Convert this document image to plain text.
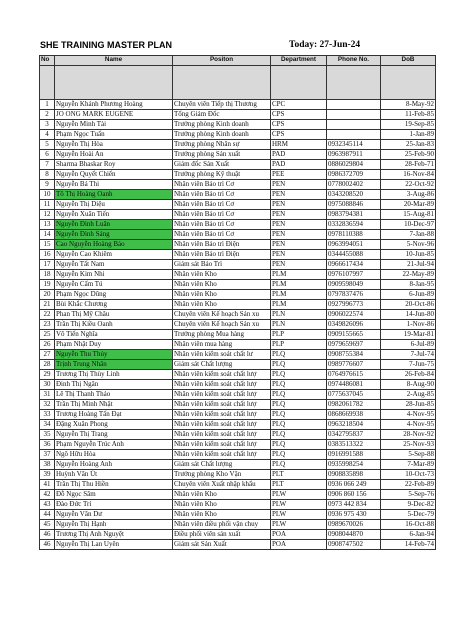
SHE TRAINING MASTER PLAN	Today: 27-Jun-24
No	Name	Positon	Department	Phone No.	DoB

1	Nguyễn Khánh Phương Hoàng	Chuyên viên Tiếp thị Thương	CPC		8-May-92
2	JO ONG MARK EUGENE	Tổng Giám Đốc	CPS		11-Feb-85
3	Nguyễn Minh Tài	Trưởng phòng Kinh doanh	CPS		19-Sep-85
4	Phạm Ngọc Tuấn	Trưởng phòng Kinh doanh	CPS		1-Jan-89
5	Nguyễn Thị Hòa	Trưởng phòng Nhân sự	HRM	0932345114	25-Jan-83
6	Nguyễn Hoài An	Trưởng phòng Sản xuất	PAD	0963987911	25-Feb-90
7	Sharma Bhaskar Roy	Giám đốc Sản Xuất	PAD	0886029804	28-Feb-71
8	Nguyễn Quyết Chiến	Trưởng phòng Kỹ thuật	PEE	0986372709	16-Nov-84
9	Nguyễn Bá Thi	Nhân viên Bảo trì Cơ	PEN	0778002402	22-Oct-92
10	Tô Thị Hoàng Oanh	Nhân viên Bảo trì Cơ	PEN	0343208520	3-Aug-86
11	Nguyễn Thị Diệu	Nhân viên Bảo trì Cơ	PEN	0975088846	20-Mar-89
12	Nguyễn Xuân Tiến	Nhân viên Bảo trì Cơ	PEN	0983794381	15-Aug-81
13	Nguyễn Đình Luân	Nhân viên Bảo trì Cơ	PEN	0332836594	10-Dec-97
14	Nguyễn Đình Sáng	Nhân viên Bảo trì Cơ	PEN	0978110388	7-Jan-88
15	Cao Nguyễn Hoàng Bảo	Nhân viên Bảo trì Điện	PEN	0963994051	5-Nov-96
16	Nguyễn Cao Khiêm	Nhân viên Bảo trì Điện	PEN	0344455088	10-Jun-85
17	Nguyễn Tất Nam	Giám sát Bảo Trì	PEN	0966617434	21-Jul-94
18	Nguyễn Kim Nhi	Nhân viên Kho	PLM	0976107997	22-May-89
19	Nguyễn Cẩm Tú	Nhân viên Kho	PLM	0909598049	8-Jan-95
20	Phạm Ngọc Dũng	Nhân viên Kho	PLM	0797837476	6-Jun-89
21	Bùi Khắc Chương	Nhân viên Kho	PLM	0927996773	20-Oct-86
22	Phan Thị Mỹ Châu	Chuyên viên Kế hoạch Sản xu	PLN	0906022574	14-Jun-80
23	Trần Thị Kiều Oanh	Chuyên viên Kế hoạch Sản xu	PLN	0349826096	1-Nov-86
25	Võ Tiến Nghĩa	Trưởng phòng Mua hàng	PLP	0909155665	19-Mar-81
26	Phạm Nhật Duy	Nhân viên mua hàng	PLP	0979659697	6-Jul-89
27	Nguyễn Thu Thủy	Nhân viên kiểm soát chất lư	PLQ	0908755384	7-Jul-74
28	Trịnh Trung Nhân	Giám sát Chất lượng	PLQ	0989776607	7-Jun-75
29	Trương Thị Thùy Linh	Nhân viên kiểm soát chất lượ	PLQ	0764976615	26-Feb-84
30	Đinh Thị Ngân	Nhân viên kiểm soát chất lượ	PLQ	0974486081	8-Aug-90
31	Lê Thị Thanh Thảo	Nhân viên kiểm soát chất lượ	PLQ	0775637045	2-Aug-85
32	Trần Thị Minh Nhật	Nhân viên kiểm soát chất lượ	PLQ	0982061782	28-Jun-85
33	Trương Hoàng Tấn Đạt	Nhân viên kiểm soát chất lượ	PLQ	0868669938	4-Nov-95
34	Đặng Xuân Phong	Nhân viên kiểm soát chất lượ	PLQ	0963218504	4-Nov-95
35	Nguyễn Thị Trang	Nhân viên kiểm soát chất lượ	PLQ	0342795837	28-Nov-92
36	Phạm Nguyễn Trúc Anh	Nhân viên kiểm soát chất lượ	PLQ	0383513322	25-Nov-93
37	Ngô Hữu Hòa	Nhân viên kiểm soát chất lượ	PLQ	0916991588	5-Sep-88
38	Nguyễn Hoàng Anh	Giám sát Chất lượng	PLQ	0935998254	7-Mar-89
39	Huỳnh Văn Út	Trưởng phòng Kho Vận	PLT	0908835898	10-Oct-73
41	Trần Thị Thu Hiền	Chuyên viên Xuất nhập khẩu	PLT	0936 066 249	22-Feb-89
42	Đỗ Ngọc Sâm	Nhân viên Kho	PLW	0906 860 156	5-Sep-76
43	Đào Đức Trí	Nhân viên Kho	PLW	0973 442 834	9-Dec-82
44	Nguyễn Văn Dư	Nhân viên Kho	PLW	0936 975 430	5-Dec-79
45	Nguyễn Thị Hạnh	Nhân viên điều phối vận chuy	PLW	0989670026	16-Oct-88
46	Trương Thị Anh Nguyệt	Điều phối viên sản xuất	POA	0908044870	6-Jan-94
46	Nguyễn Thị Lan Uyên	Giám sát Sản Xuất	POA	0908747502	14-Feb-74
